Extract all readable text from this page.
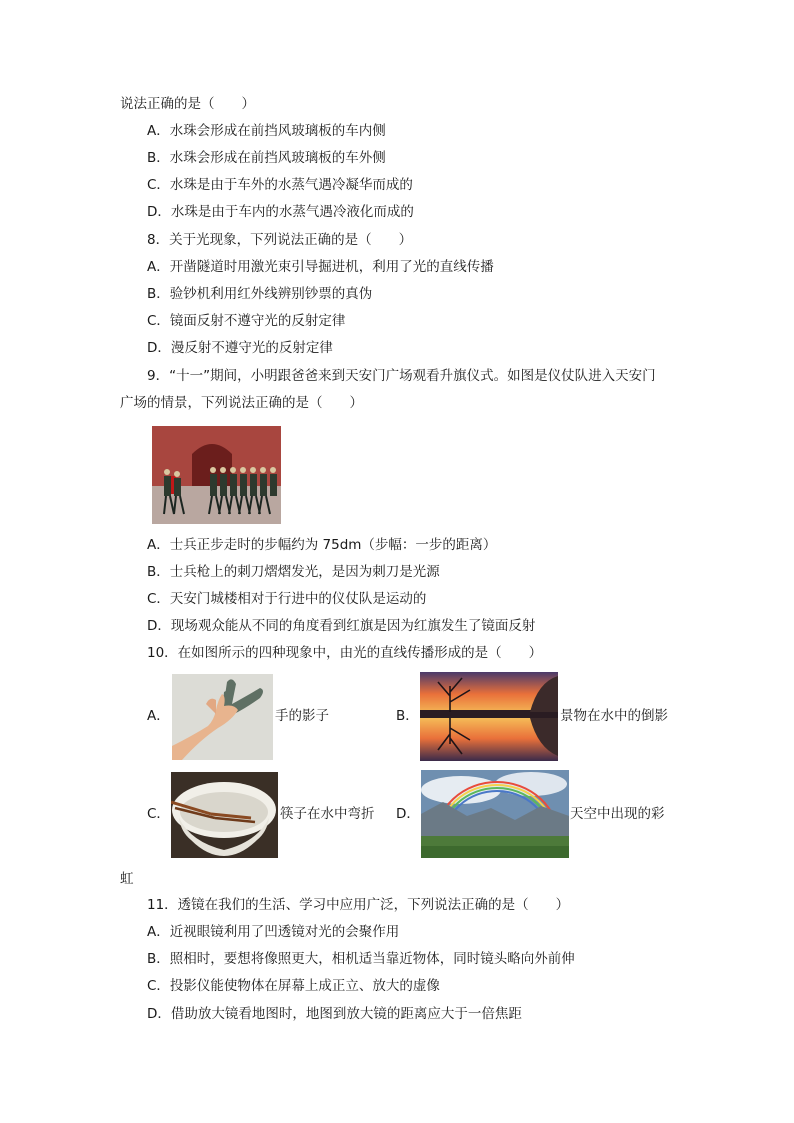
说法正确的是（　　）
A．水珠会形成在前挡风玻璃板的车内侧
B．水珠会形成在前挡风玻璃板的车外侧
C．水珠是由于车外的水蒸气遇冷凝华而成的
D．水珠是由于车内的水蒸气遇冷液化而成的
8．关于光现象，下列说法正确的是（　　）
A．开凿隧道时用激光束引导掘进机，利用了光的直线传播
B．验钞机利用红外线辨别钞票的真伪
C．镜面反射不遵守光的反射定律
D．漫反射不遵守光的反射定律
9．“十一”期间，小明跟爸爸来到天安门广场观看升旗仪式。如图是仪仗队进入天安门
广场的情景，下列说法正确的是（　　）
A．士兵正步走时的步幅约为 75dm（步幅：一步的距离）
B．士兵枪上的刺刀熠熠发光，是因为刺刀是光源
C．天安门城楼相对于行进中的仪仗队是运动的
D．现场观众能从不同的角度看到红旗是因为红旗发生了镜面反射
10．在如图所示的四种现象中，由光的直线传播形成的是（　　）
A．	手的影子	B．	景物在水中的倒影
C．	筷子在水中弯折 D．	天空中出现的彩
虹
11．透镜在我们的生活、学习中应用广泛，下列说法正确的是（　　）
A．近视眼镜利用了凹透镜对光的会聚作用
B．照相时，要想将像照更大，相机适当靠近物体，同时镜头略向外前伸
C．投影仪能使物体在屏幕上成正立、放大的虚像
D．借助放大镜看地图时，地图到放大镜的距离应大于一倍焦距
